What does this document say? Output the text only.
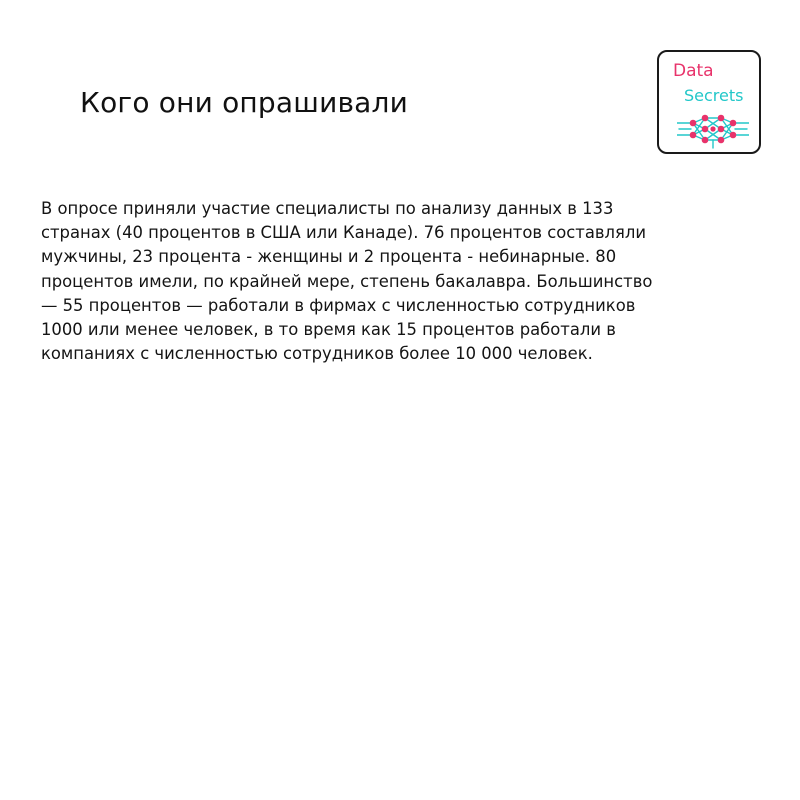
Кого они опрашивали
Data
Secrets

В опросе приняли участие специалисты по анализу данных в 133
странах (40 процентов в США или Канаде). 76 процентов составляли
мужчины, 23 процента - женщины и 2 процента - небинарные. 80
процентов имели, по крайней мере, степень бакалавра. Большинство
— 55 процентов — работали в фирмах с численностью сотрудников
1000 или менее человек, в то время как 15 процентов работали в
компаниях с численностью сотрудников более 10 000 человек.
